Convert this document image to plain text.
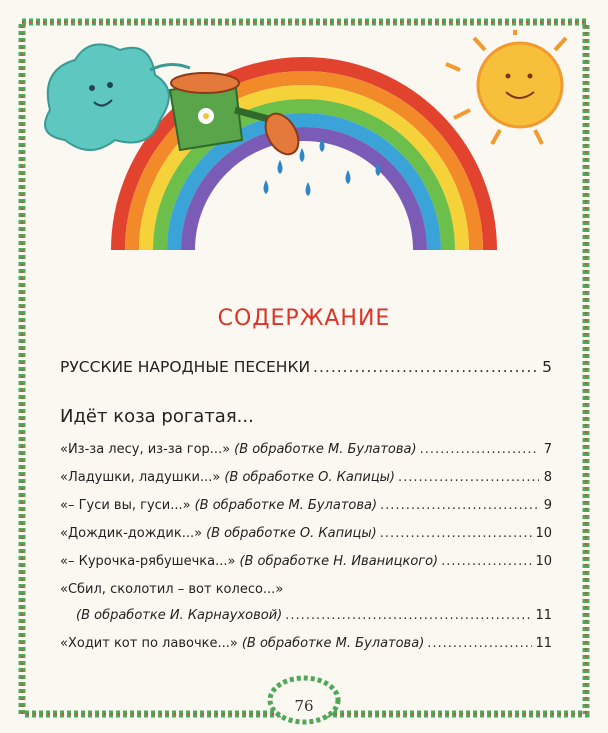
СОДЕРЖАНИЕ
РУССКИЕ НАРОДНЫЕ ПЕСЕНКИ .....	5
Идёт коза рогатая...
«Из-за лесу, из-за гор...» (В обработке М. Булатова) .....	7
«Ладушки, ладушки...» (В обработке О. Капицы) .....	8
«– Гуси вы, гуси...» (В обработке М. Булатова) .....	9
«Дождик-дождик...» (В обработке О. Капицы) .....	10
«– Курочка-рябушечка...» (В обработке Н. Иваницкого) .....	10
«Сбил, сколотил – вот колесо...»
(В обработке И. Карнауховой) .....	11
«Ходит кот по лавочке...» (В обработке М. Булатова) .....	11
76
